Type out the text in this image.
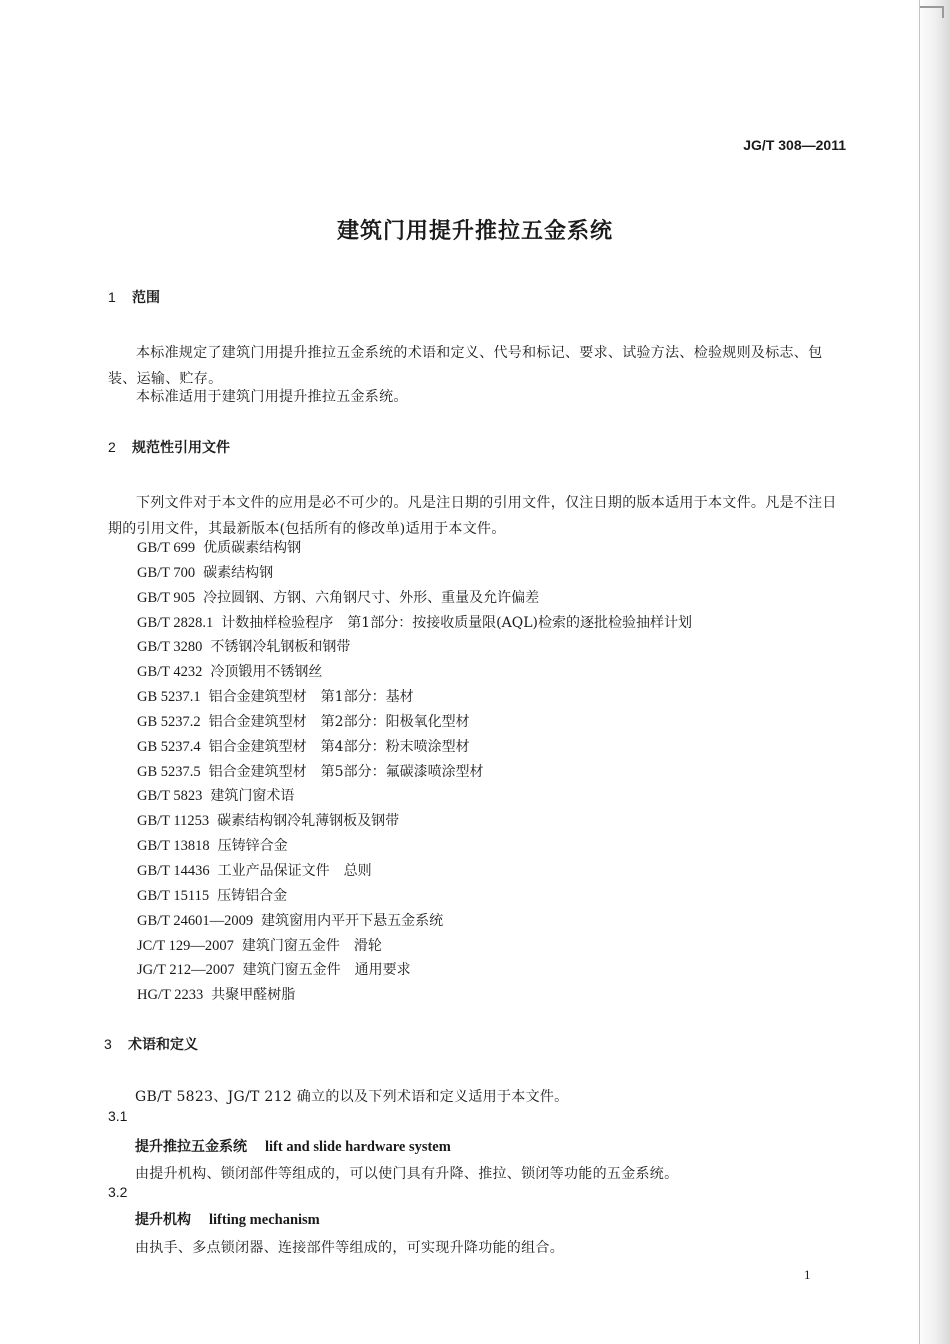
JG/T 308—2011
建筑门用提升推拉五金系统
1 范围
本标准规定了建筑门用提升推拉五金系统的术语和定义、代号和标记、要求、试验方法、检验规则及标志、包装、运输、贮存。
本标准适用于建筑门用提升推拉五金系统。
2 规范性引用文件
下列文件对于本文件的应用是必不可少的。凡是注日期的引用文件，仅注日期的版本适用于本文件。凡是不注日期的引用文件，其最新版本(包括所有的修改单)适用于本文件。
GB/T 699 优质碳素结构钢
GB/T 700 碳素结构钢
GB/T 905 冷拉圆钢、方钢、六角钢尺寸、外形、重量及允许偏差
GB/T 2828.1 计数抽样检验程序　第1部分：按接收质量限(AQL)检索的逐批检验抽样计划
GB/T 3280 不锈钢冷轧钢板和钢带
GB/T 4232 冷顶锻用不锈钢丝
GB 5237.1 铝合金建筑型材　第1部分：基材
GB 5237.2 铝合金建筑型材　第2部分：阳极氧化型材
GB 5237.4 铝合金建筑型材　第4部分：粉末喷涂型材
GB 5237.5 铝合金建筑型材　第5部分：氟碳漆喷涂型材
GB/T 5823 建筑门窗术语
GB/T 11253 碳素结构钢冷轧薄钢板及钢带
GB/T 13818 压铸锌合金
GB/T 14436 工业产品保证文件　总则
GB/T 15115 压铸铝合金
GB/T 24601—2009 建筑窗用内平开下悬五金系统
JC/T 129—2007 建筑门窗五金件　滑轮
JG/T 212—2007 建筑门窗五金件　通用要求
HG/T 2233 共聚甲醛树脂
3 术语和定义
GB/T 5823、JG/T 212 确立的以及下列术语和定义适用于本文件。
3.1
提升推拉五金系统 lift and slide hardware system
由提升机构、锁闭部件等组成的，可以使门具有升降、推拉、锁闭等功能的五金系统。
3.2
提升机构 lifting mechanism
由执手、多点锁闭器、连接部件等组成的，可实现升降功能的组合。
1
